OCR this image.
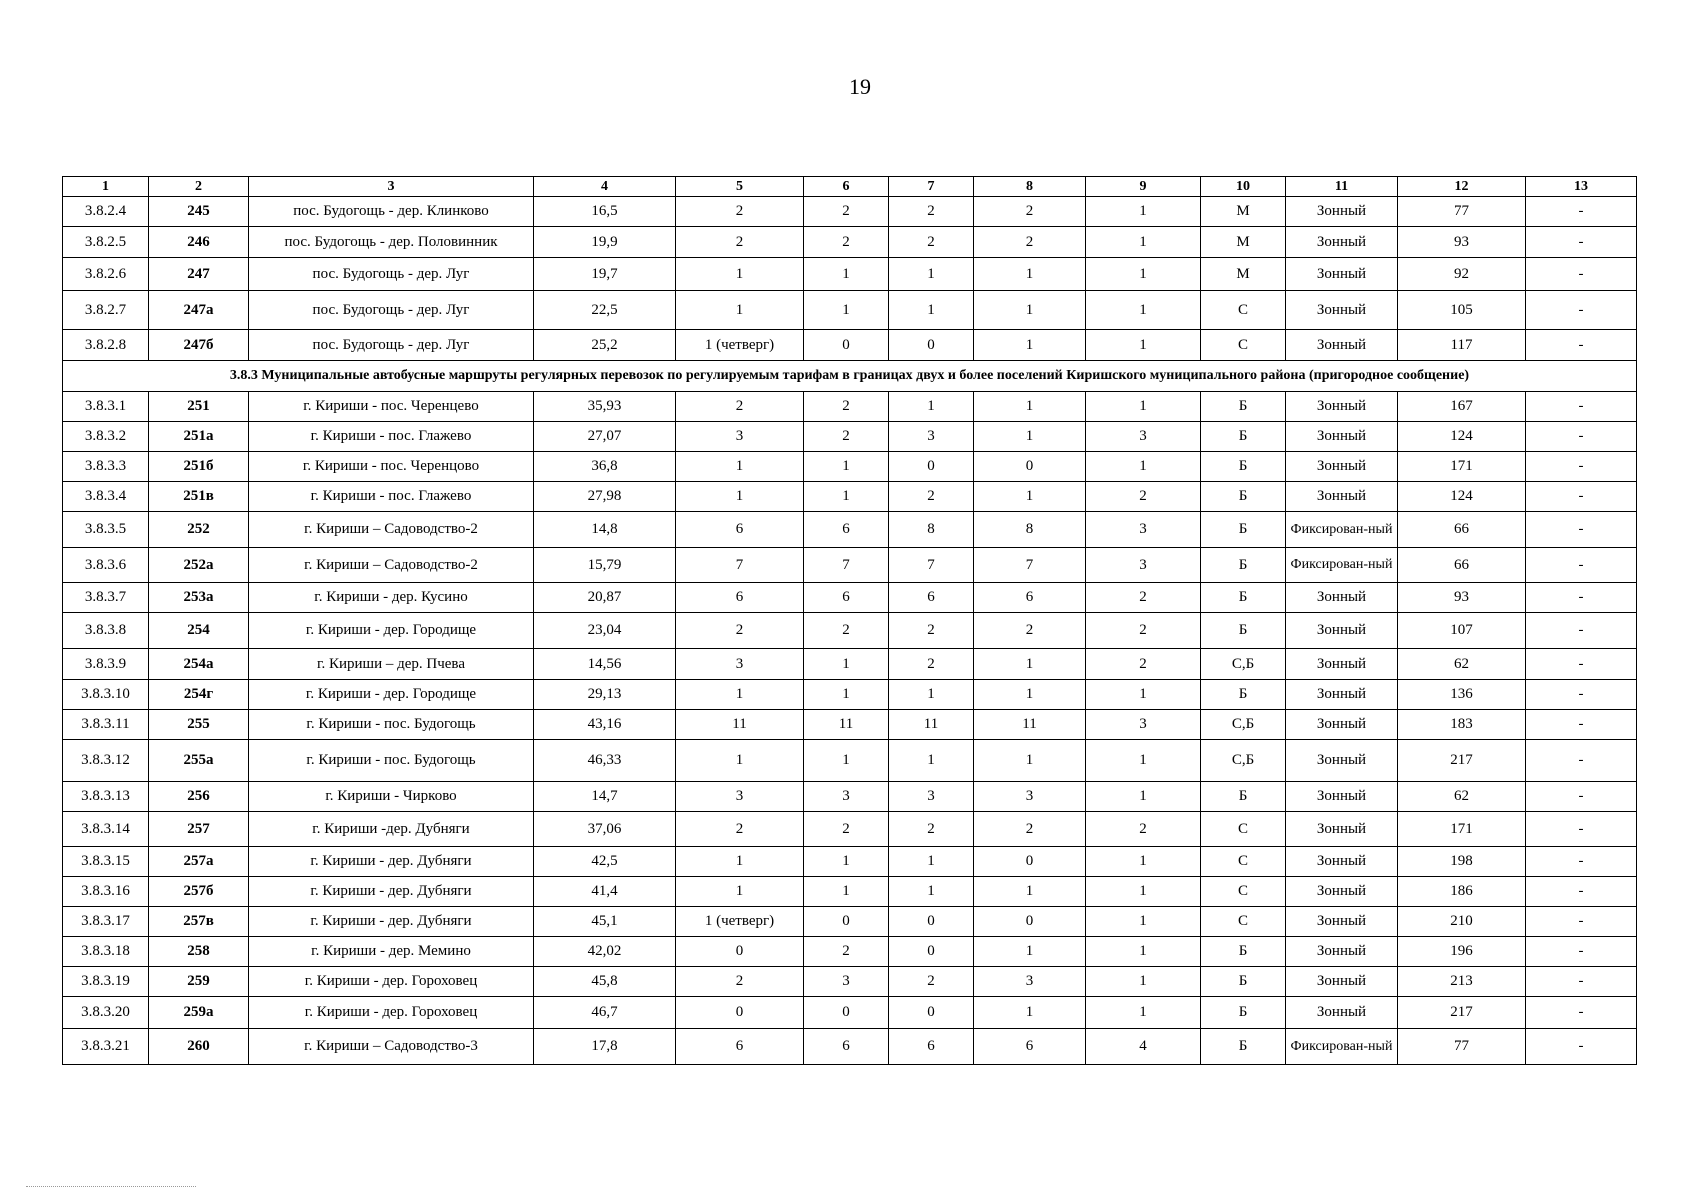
19
1	2	3	4	5	6	7	8	9	10	11	12	13
3.8.2.4	245	пос. Будогощь - дер. Клинково	16,5	2	2	2	2	1	М	Зонный	77	-
3.8.2.5	246	пос. Будогощь - дер. Половинник	19,9	2	2	2	2	1	М	Зонный	93	-
3.8.2.6	247	пос. Будогощь - дер. Луг	19,7	1	1	1	1	1	М	Зонный	92	-
3.8.2.7	247а	пос. Будогощь - дер. Луг	22,5	1	1	1	1	1	С	Зонный	105	-
3.8.2.8	247б	пос. Будогощь - дер. Луг	25,2	1 (четверг)	0	0	1	1	С	Зонный	117	-
3.8.3 Муниципальные автобусные маршруты регулярных перевозок по регулируемым тарифам в границах двух и более поселений Киришского муниципального района (пригородное сообщение)												
3.8.3.1	251	г. Кириши - пос. Черенцево	35,93	2	2	1	1	1	Б	Зонный	167	-
3.8.3.2	251а	г. Кириши - пос. Глажево	27,07	3	2	3	1	3	Б	Зонный	124	-
3.8.3.3	251б	г. Кириши - пос. Черенцово	36,8	1	1	0	0	1	Б	Зонный	171	-
3.8.3.4	251в	г. Кириши - пос. Глажево	27,98	1	1	2	1	2	Б	Зонный	124	-
3.8.3.5	252	г. Кириши – Садоводство-2	14,8	6	6	8	8	3	Б	Фиксирован-ный	66	-
3.8.3.6	252а	г. Кириши – Садоводство-2	15,79	7	7	7	7	3	Б	Фиксирован-ный	66	-
3.8.3.7	253а	г. Кириши - дер. Кусино	20,87	6	6	6	6	2	Б	Зонный	93	-
3.8.3.8	254	г. Кириши - дер. Городище	23,04	2	2	2	2	2	Б	Зонный	107	-
3.8.3.9	254а	г. Кириши – дер. Пчева	14,56	3	1	2	1	2	С,Б	Зонный	62	-
3.8.3.10	254г	г. Кириши - дер. Городище	29,13	1	1	1	1	1	Б	Зонный	136	-
3.8.3.11	255	г. Кириши - пос. Будогощь	43,16	11	11	11	11	3	С,Б	Зонный	183	-
3.8.3.12	255а	г. Кириши - пос. Будогощь	46,33	1	1	1	1	1	С,Б	Зонный	217	-
3.8.3.13	256	г. Кириши - Чирково	14,7	3	3	3	3	1	Б	Зонный	62	-
3.8.3.14	257	г. Кириши -дер. Дубняги	37,06	2	2	2	2	2	С	Зонный	171	-
3.8.3.15	257а	г. Кириши - дер. Дубняги	42,5	1	1	1	0	1	С	Зонный	198	-
3.8.3.16	257б	г. Кириши - дер. Дубняги	41,4	1	1	1	1	1	С	Зонный	186	-
3.8.3.17	257в	г. Кириши - дер. Дубняги	45,1	1 (четверг)	0	0	0	1	С	Зонный	210	-
3.8.3.18	258	г. Кириши - дер. Мемино	42,02	0	2	0	1	1	Б	Зонный	196	-
3.8.3.19	259	г. Кириши - дер. Гороховец	45,8	2	3	2	3	1	Б	Зонный	213	-
3.8.3.20	259а	г. Кириши - дер. Гороховец	46,7	0	0	0	1	1	Б	Зонный	217	-
3.8.3.21	260	г. Кириши – Садоводство-3	17,8	6	6	6	6	4	Б	Фиксирован-ный	77	-
